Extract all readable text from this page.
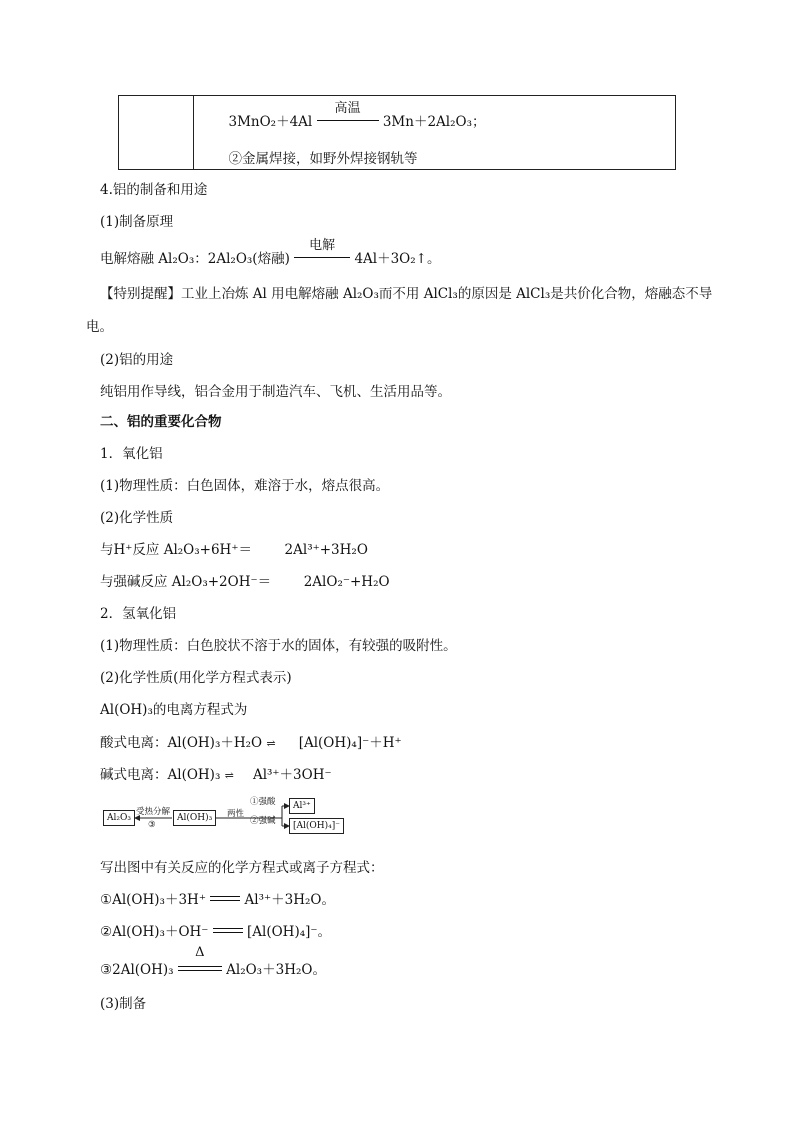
3MnO₂＋4Al
高温
3Mn＋2Al₂O₃；
②金属焊接，如野外焊接钢轨等
4.铝的制备和用途
(1)制备原理
电解熔融 Al₂O₃：2Al₂O₃(熔融)
电解
4Al＋3O₂↑。
【特别提醒】工业上冶炼 Al 用电解熔融 Al₂O₃而不用 AlCl₃的原因是 AlCl₃是共价化合物，熔融态不导
电。
(2)铝的用途
纯铝用作导线，铝合金用于制造汽车、飞机、生活用品等。
二、铝的重要化合物
1．氧化铝
(1)物理性质：白色固体，难溶于水，熔点很高。
(2)化学性质
与H⁺反应 Al₂O₃+6H⁺＝ 2Al³⁺+3H₂O
与强碱反应 Al₂O₃+2OH⁻＝ 2AlO₂⁻+H₂O
2．氢氧化铝
(1)物理性质：白色胶状不溶于水的固体，有较强的吸附性。
(2)化学性质(用化学方程式表示)
Al(OH)₃的电离方程式为
酸式电离：Al(OH)₃＋H₂O ⇌ [Al(OH)₄]⁻＋H⁺
碱式电离：Al(OH)₃ ⇌ Al³⁺＋3OH⁻
Al₂O₃	Al(OH)₃
Al³⁺
[Al(OH)₄]⁻
受热分解
③
两性
①强酸
②强碱
写出图中有关反应的化学方程式或离子方程式：
①Al(OH)₃＋3H⁺	Al³⁺＋3H₂O。
②Al(OH)₃＋OH⁻	[Al(OH)₄]⁻。
③2Al(OH)₃
Δ
Al₂O₃＋3H₂O。
(3)制备
